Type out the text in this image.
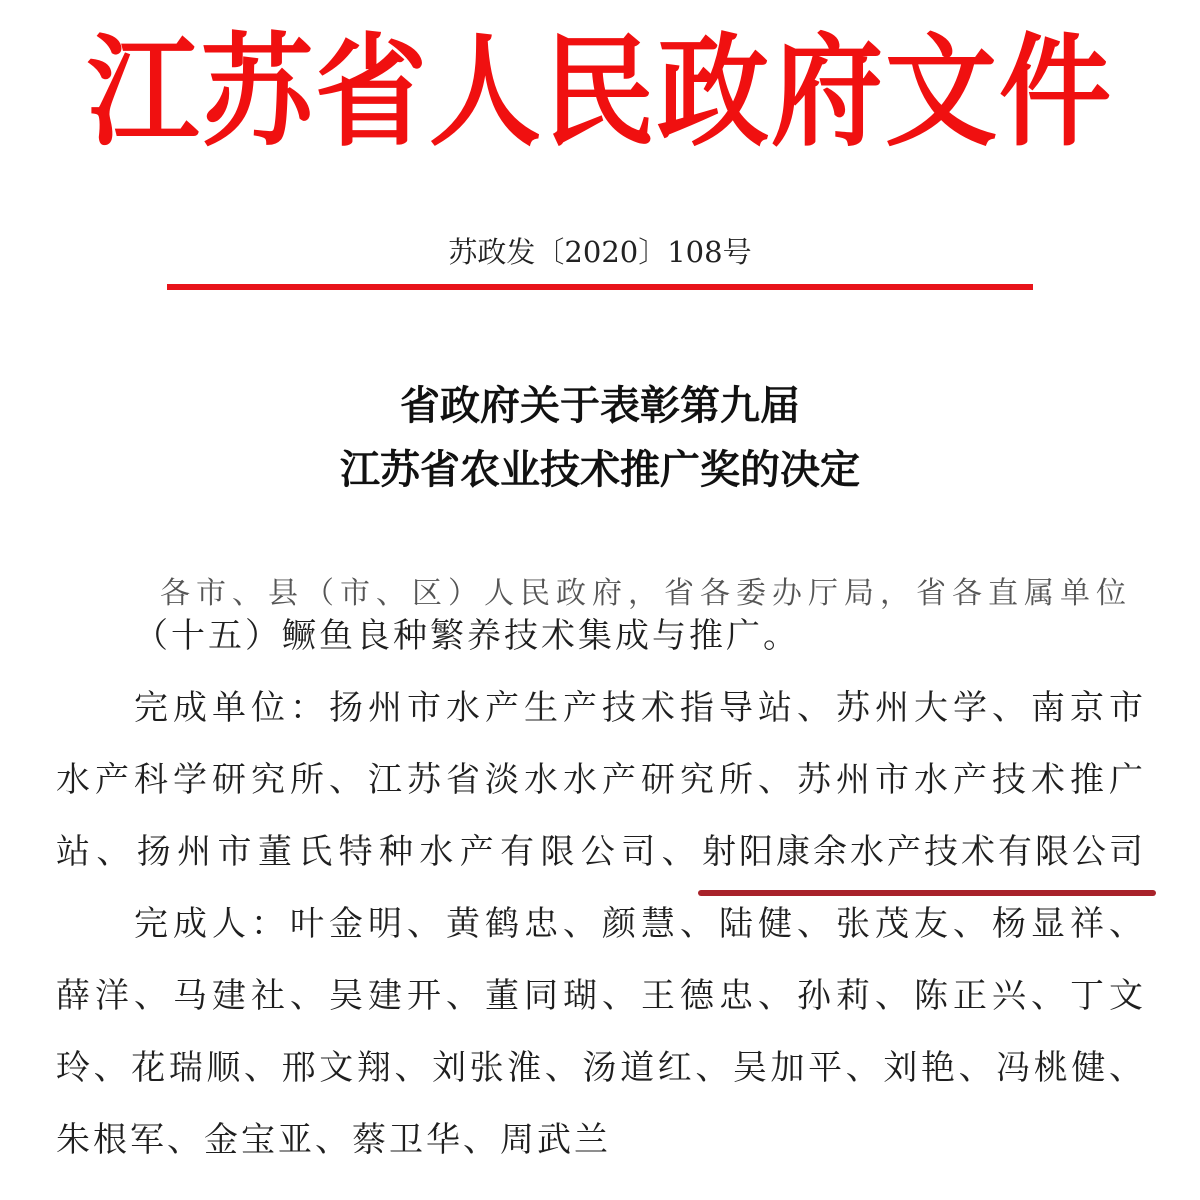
江苏省人民政府文件
苏政发〔2020〕108号
省政府关于表彰第九届
江苏省农业技术推广奖的决定
各市、县（市、区）人民政府，省各委办厅局，省各直属单位
（十五）鳜鱼良种繁养技术集成与推广。
完成单位：扬州市水产生产技术指导站、苏州大学、南京市
水产科学研究所、江苏省淡水水产研究所、苏州市水产技术推广
站、扬州市董氏特种水产有限公司、射阳康余水产技术有限公司
完成人：叶金明、黄鹤忠、颜慧、陆健、张茂友、杨显祥、
薛洋、马建社、吴建开、董同瑚、王德忠、孙莉、陈正兴、丁文
玲、花瑞顺、邢文翔、刘张淮、汤道红、吴加平、刘艳、冯桃健、
朱根军、金宝亚、蔡卫华、周武兰
